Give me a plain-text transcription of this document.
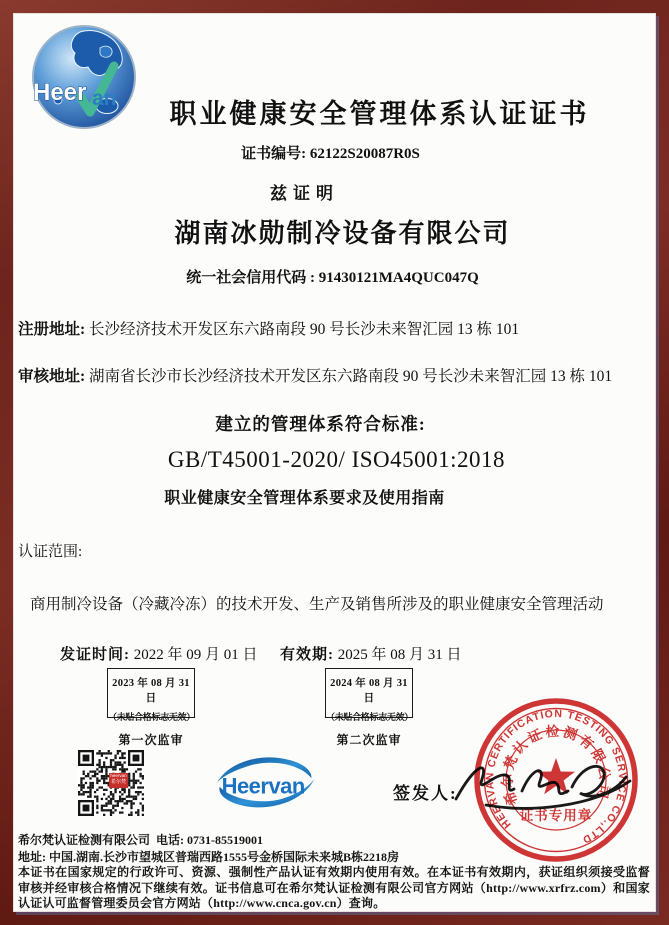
Heer an
职业健康安全管理体系认证证书
证书编号: 62122S20087R0S
兹证明
湖南冰勋制冷设备有限公司
统一社会信用代码 : 91430121MA4QUC047Q
注册地址: 长沙经济技术开发区东六路南段 90 号长沙未来智汇园 13 栋 101
审核地址: 湖南省长沙市长沙经济技术开发区东六路南段 90 号长沙未来智汇园 13 栋 101
建立的管理体系符合标准:
GB/T45001-2020/ ISO45001:2018
职业健康安全管理体系要求及使用指南
认证范围:
商用制冷设备（冷藏冷冻）的技术开发、生产及销售所涉及的职业健康安全管理活动
发证时间: 2022 年 09 月 01 日 有效期: 2025 年 08 月 31 日
2023 年 08 月 31 日
（未贴合格标志无效）
2024 年 08 月 31 日
（未贴合格标志无效）
第一次监审	第二次监审
heervan
希尔梵	Heervan	签发人:
HEERVAN CERTIFICATION TESTING SERVICE CO.,LTD
希尔梵认证检测有限公司
证书专用章
希尔梵认证检测有限公司 电话: 0731-85519001
地址: 中国.湖南.长沙市望城区普瑞西路1555号金桥国际未来城B栋2218房
本证书在国家规定的行政许可、资源、强制性产品认证有效期内使用有效。在本证书有效期内，获证组织须接受监督审核并经审核合格情况下继续有效。证书信息可在希尔梵认证检测有限公司官方网站（http://www.xrfrz.com）和国家认证认可监督管理委员会官方网站（http://www.cnca.gov.cn）查询。
